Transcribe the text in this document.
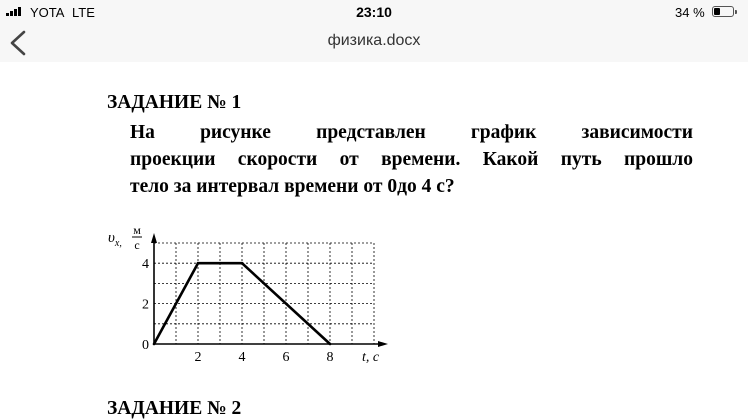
YOTA LTE	23:10	34 %
физика.docx
ЗАДАНИЕ № 1
На рисунке представлен график зависимости
проекции скорости от времени. Какой путь прошло
тело за интервал времени от 0до 4 с?
2	4	6	8
0
2
4
t, с
$\upsilon_{x,}$
м
с
ЗАДАНИЕ № 2
